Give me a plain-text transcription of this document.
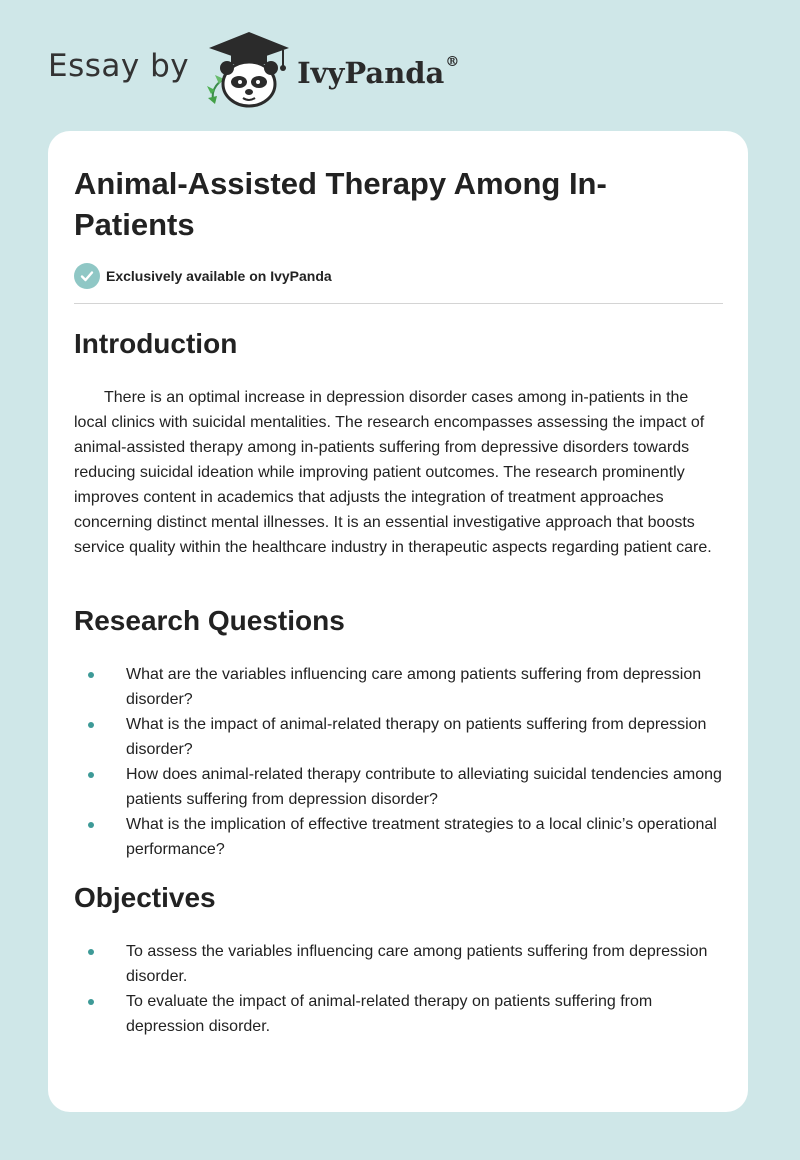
Essay by	IvyPanda®
Animal-Assisted Therapy Among In-Patients
Exclusively available on IvyPanda
Introduction

There is an optimal increase in depression disorder cases among in-patients in the local clinics with suicidal mentalities. The research encompasses assessing the impact of animal-assisted therapy among in-patients suffering from depressive disorders towards reducing suicidal ideation while improving patient outcomes. The research prominently improves content in academics that adjusts the integration of treatment approaches concerning distinct mental illnesses. It is an essential investigative approach that boosts service quality within the healthcare industry in therapeutic aspects regarding patient care.

Research Questions
What are the variables influencing care among patients suffering from depression disorder?
What is the impact of animal-related therapy on patients suffering from depression disorder?
How does animal-related therapy contribute to alleviating suicidal tendencies among patients suffering from depression disorder?
What is the implication of effective treatment strategies to a local clinic’s operational performance?
Objectives
To assess the variables influencing care among patients suffering from depression disorder.
To evaluate the impact of animal-related therapy on patients suffering from depression disorder.
